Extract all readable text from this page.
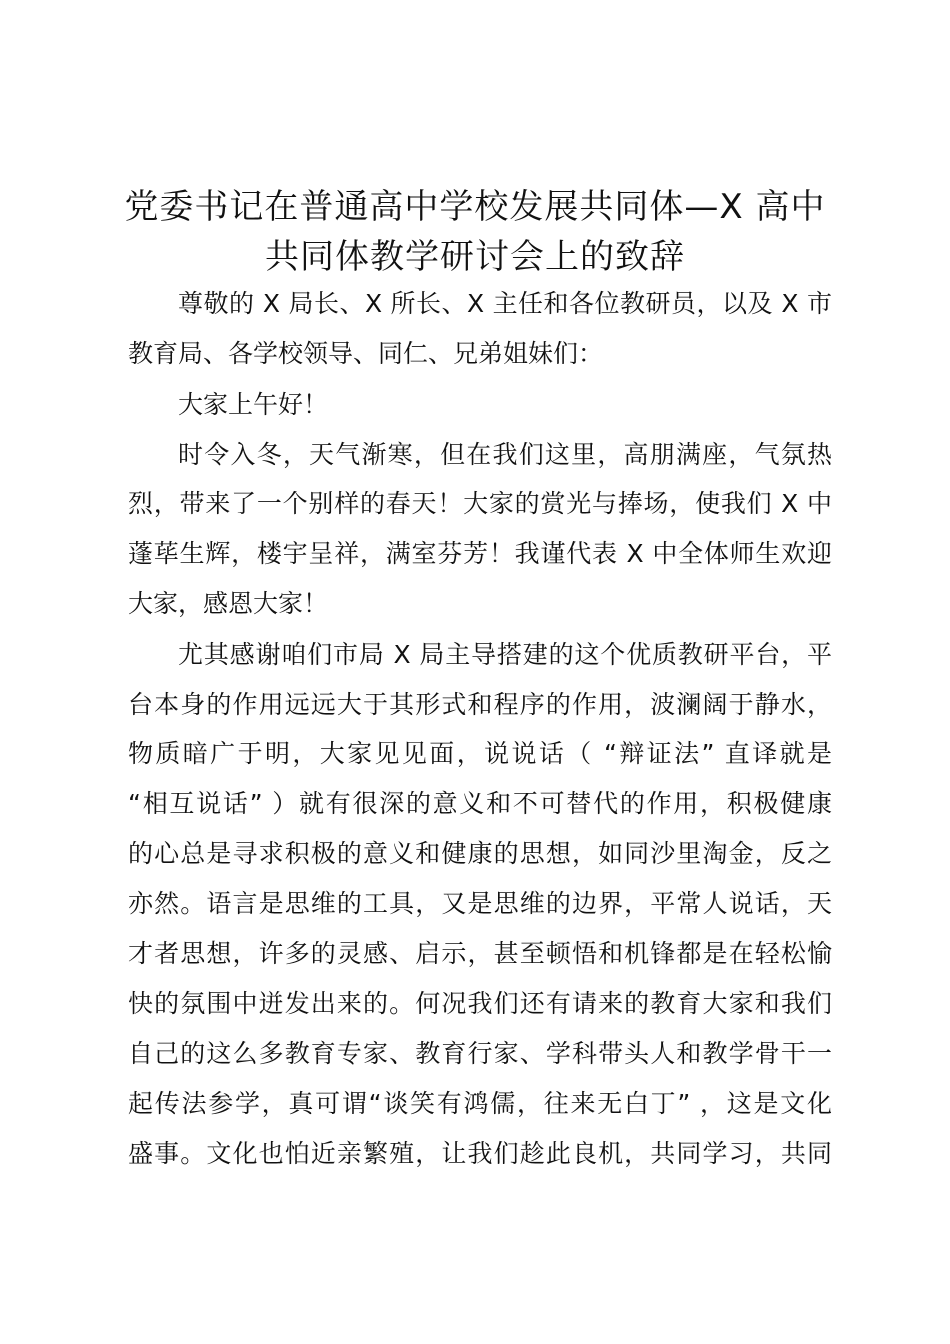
党委书记在普通高中学校发展共同体—X 高中
共同体教学研讨会上的致辞
尊敬的 X 局长、X 所长、X 主任和各位教研员，以及 X 市
教育局、各学校领导、同仁、兄弟姐妹们：
大家上午好！
时令入冬，天气渐寒，但在我们这里，高朋满座，气氛热
烈，带来了一个别样的春天！大家的赏光与捧场，使我们 X 中
蓬荜生辉，楼宇呈祥，满室芬芳！我谨代表 X 中全体师生欢迎
大家，感恩大家！
尤其感谢咱们市局 X 局主导搭建的这个优质教研平台，平
台本身的作用远远大于其形式和程序的作用，波澜阔于静水，
物质暗广于明，大家见见面，说说话（ “辩证法” 直译就是
“相互说话” ）就有很深的意义和不可替代的作用，积极健康
的心总是寻求积极的意义和健康的思想，如同沙里淘金，反之
亦然。语言是思维的工具，又是思维的边界，平常人说话，天
才者思想，许多的灵感、启示，甚至顿悟和机锋都是在轻松愉
快的氛围中迸发出来的。何况我们还有请来的教育大家和我们
自己的这么多教育专家、教育行家、学科带头人和教学骨干一
起传法参学，真可谓“谈笑有鸿儒，往来无白丁” ，这是文化
盛事。文化也怕近亲繁殖，让我们趁此良机，共同学习，共同
